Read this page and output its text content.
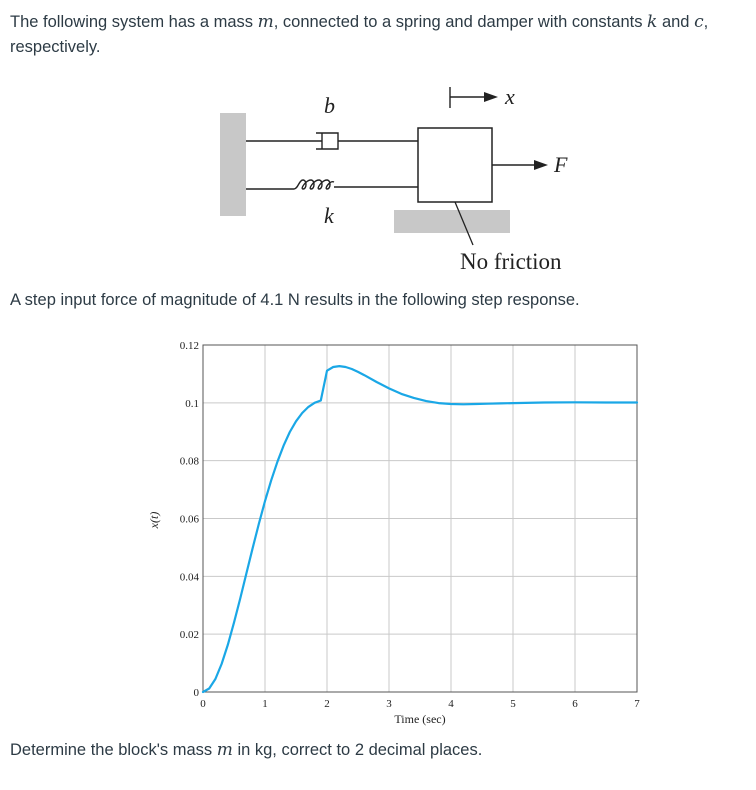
The following system has a mass m, connected to a spring and damper with constants k and c, respectively.

b
k
x
F
No friction

A step input force of magnitude of 4.1 N results in the following step response.

0	1	2	3	4	5	6	7
0
0.02
0.04
0.06
0.08
0.1
0.12
Time (sec)
x(t)

Determine the block's mass m in kg, correct to 2 decimal places.
